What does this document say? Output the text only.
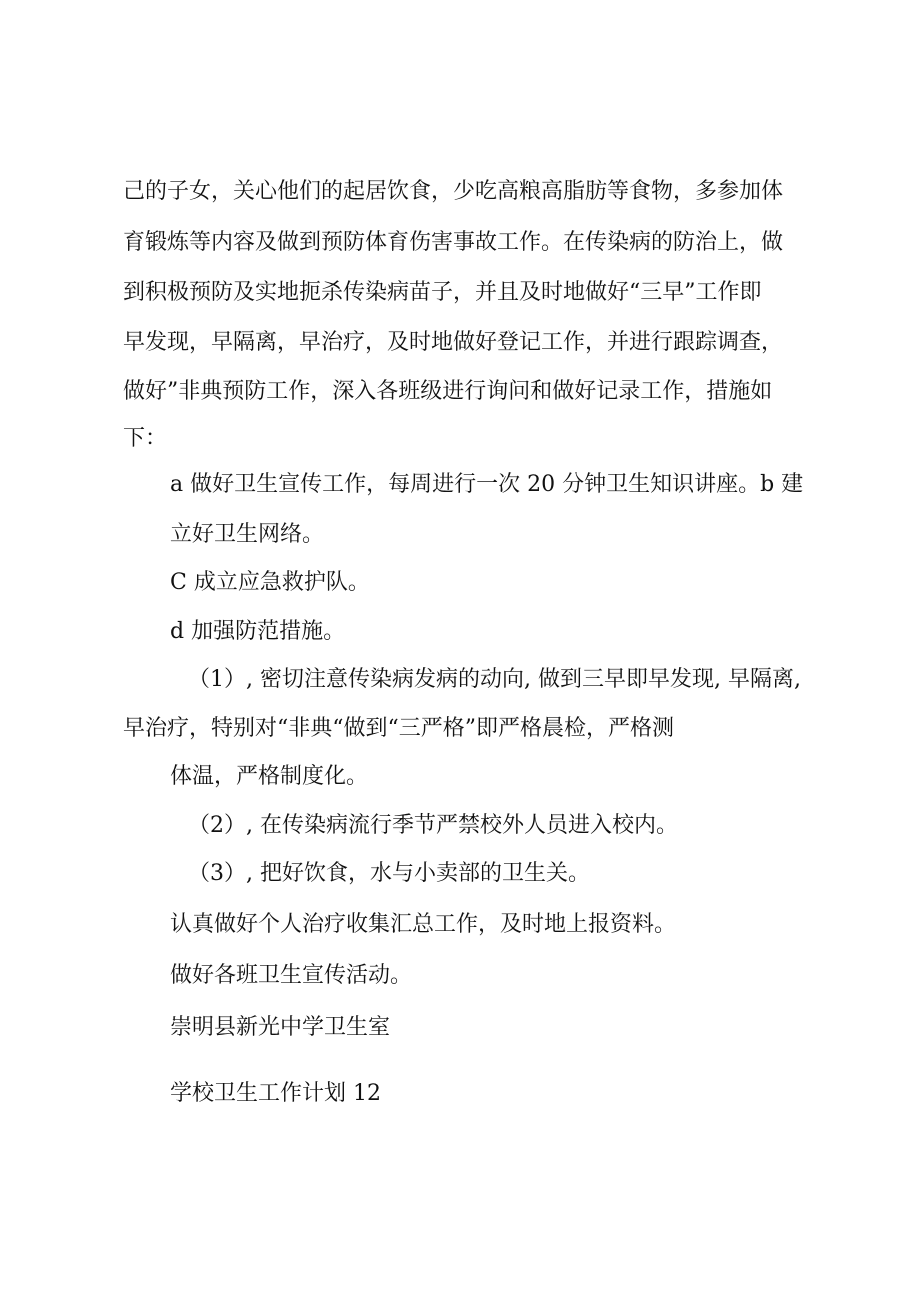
己的子女，关心他们的起居饮食，少吃高粮高脂肪等食物，多参加体
育锻炼等内容及做到预防体育伤害事故工作。在传染病的防治上，做
到积极预防及实地扼杀传染病苗子，并且及时地做好“三早”工作即
早发现，早隔离，早治疗，及时地做好登记工作，并进行跟踪调查，
做好”非典预防工作，深入各班级进行询问和做好记录工作，措施如
下：
a 做好卫生宣传工作，每周进行一次 20 分钟卫生知识讲座。b 建
立好卫生网络。
C 成立应急救护队。
d 加强防范措施。
（1）, 密切注意传染病发病的动向, 做到三早即早发现, 早隔离,
早治疗，特别对“非典“做到“三严格”即严格晨检，严格测
体温，严格制度化。
（2）, 在传染病流行季节严禁校外人员进入校内。
（3）, 把好饮食，水与小卖部的卫生关。
认真做好个人治疗收集汇总工作，及时地上报资料。
做好各班卫生宣传活动。
崇明县新光中学卫生室
学校卫生工作计划 12
